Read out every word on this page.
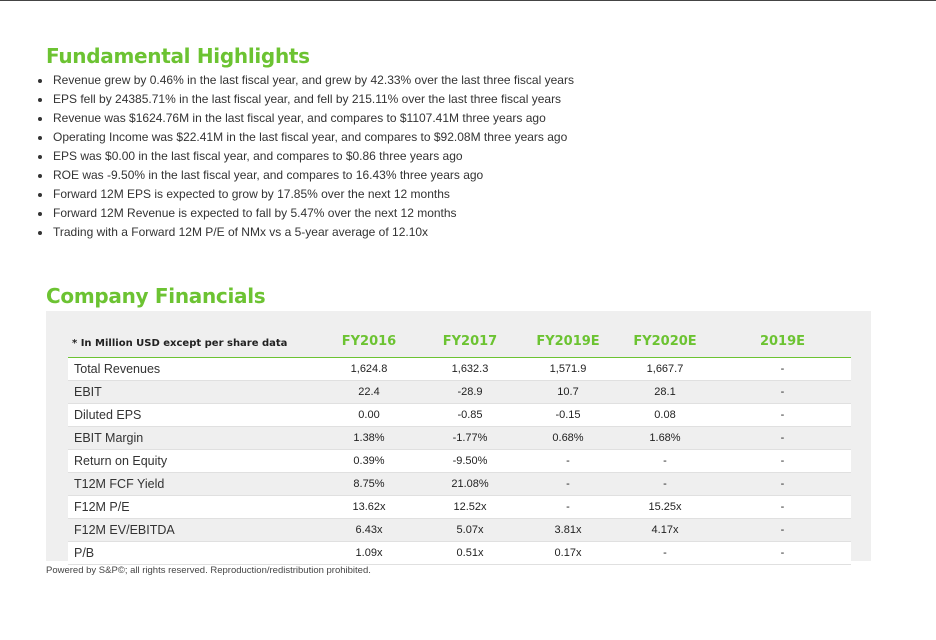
Fundamental Highlights
Revenue grew by 0.46% in the last fiscal year, and grew by 42.33% over the last three fiscal years
EPS fell by 24385.71% in the last fiscal year, and fell by 215.11% over the last three fiscal years
Revenue was $1624.76M in the last fiscal year, and compares to $1107.41M three years ago
Operating Income was $22.41M in the last fiscal year, and compares to $92.08M three years ago
EPS was $0.00 in the last fiscal year, and compares to $0.86 three years ago
ROE was -9.50% in the last fiscal year, and compares to 16.43% three years ago
Forward 12M EPS is expected to grow by 17.85% over the next 12 months
Forward 12M Revenue is expected to fall by 5.47% over the next 12 months
Trading with a Forward 12M P/E of NMx vs a 5-year average of 12.10x
Company Financials
* In Million USD except per share data	FY2016	FY2017	FY2019E	FY2020E	2019E
Total Revenues	1,624.8	1,632.3	1,571.9	1,667.7	-
EBIT	22.4	-28.9	10.7	28.1	-
Diluted EPS	0.00	-0.85	-0.15	0.08	-
EBIT Margin	1.38%	-1.77%	0.68%	1.68%	-
Return on Equity	0.39%	-9.50%	-	-	-
T12M FCF Yield	8.75%	21.08%	-	-	-
F12M P/E	13.62x	12.52x	-	15.25x	-
F12M EV/EBITDA	6.43x	5.07x	3.81x	4.17x	-
P/B	1.09x	0.51x	0.17x	-	-
Powered by S&P©; all rights reserved. Reproduction/redistribution prohibited.
